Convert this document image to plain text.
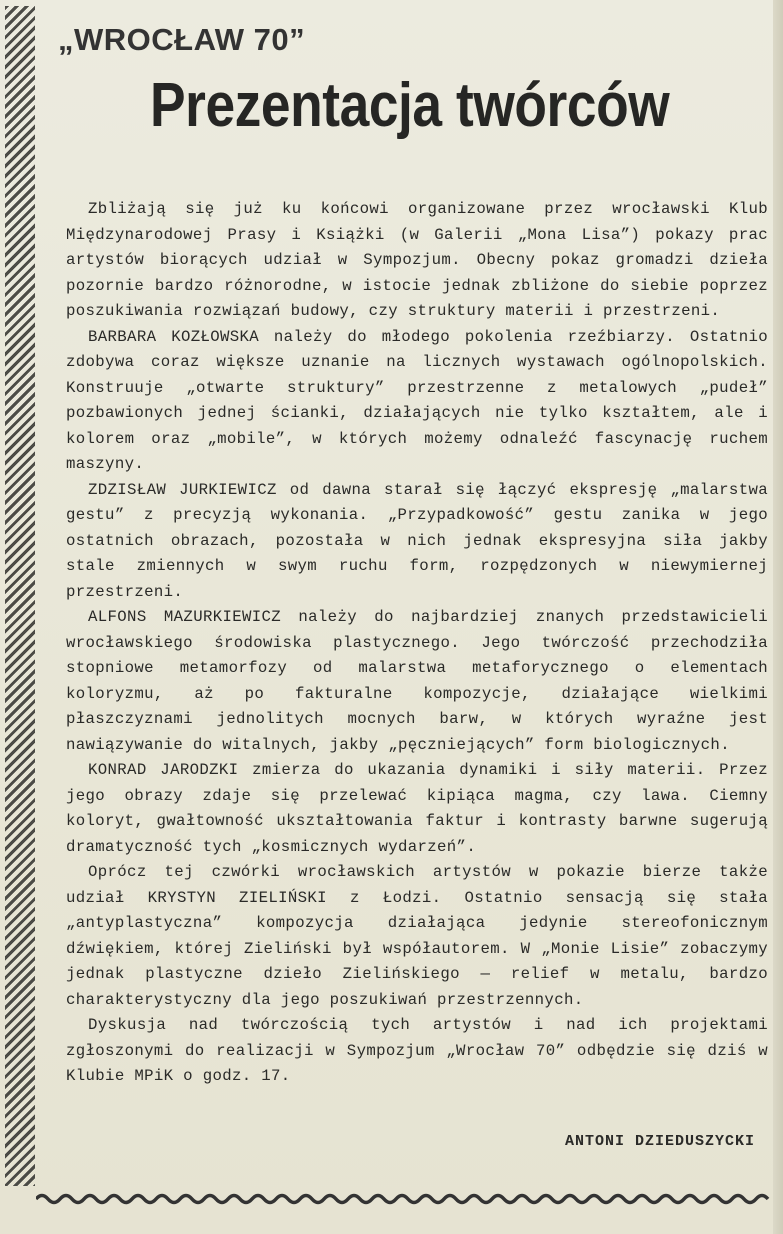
„WROCŁAW 70”
Prezentacja twórców

Zbliżają się już ku końcowi organizowane przez wrocławski Klub Międzynarodowej Prasy i Książki (w Galerii „Mona Lisa”) pokazy prac artystów biorących udział w Sympozjum. Obecny pokaz gromadzi dzieła pozornie bardzo różnorodne, w istocie jednak zbliżone do siebie poprzez poszukiwania rozwiązań budowy, czy struktury materii i przestrzeni.

BARBARA KOZŁOWSKA należy do młodego pokolenia rzeźbiarzy. Ostatnio zdobywa coraz większe uznanie na licznych wystawach ogólnopolskich. Konstruuje „otwarte struktury” przestrzenne z metalowych „pudeł” pozbawionych jednej ścianki, działających nie tylko kształtem, ale i kolorem oraz „mobile”, w których możemy odnaleźć fascynację ruchem maszyny.

ZDZISŁAW JURKIEWICZ od dawna starał się łączyć ekspresję „malarstwa gestu” z precyzją wykonania. „Przypadkowość” gestu zanika w jego ostatnich obrazach, pozostała w nich jednak ekspresyjna siła jakby stale zmiennych w swym ruchu form, rozpędzonych w niewymiernej przestrzeni.

ALFONS MAZURKIEWICZ należy do najbardziej znanych przedstawicieli wrocławskiego środowiska plastycznego. Jego twórczość przechodziła stopniowe metamorfozy od malarstwa metaforycznego o elementach koloryzmu, aż po fakturalne kompozycje, działające wielkimi płaszczyznami jednolitych mocnych barw, w których wyraźne jest nawiązywanie do witalnych, jakby „pęczniejących” form biologicznych.

KONRAD JARODZKI zmierza do ukazania dynamiki i siły materii. Przez jego obrazy zdaje się przelewać kipiąca magma, czy lawa. Ciemny koloryt, gwałtowność ukształtowania faktur i kontrasty barwne sugerują dramatyczność tych „kosmicznych wydarzeń”.

Oprócz tej czwórki wrocławskich artystów w pokazie bierze także udział KRYSTYN ZIELIŃSKI z Łodzi. Ostatnio sensacją się stała „antyplastyczna” kompozycja działająca jedynie stereofonicznym dźwiękiem, której Zieliński był współautorem. W „Monie Lisie” zobaczymy jednak plastyczne dzieło Zielińskiego — relief w metalu, bardzo charakterystyczny dla jego poszukiwań przestrzennych.

Dyskusja nad twórczością tych artystów i nad ich projektami zgłoszonymi do realizacji w Sympozjum „Wrocław 70” odbędzie się dziś w Klubie MPiK o godz. 17.

ANTONI DZIEDUSZYCKI
